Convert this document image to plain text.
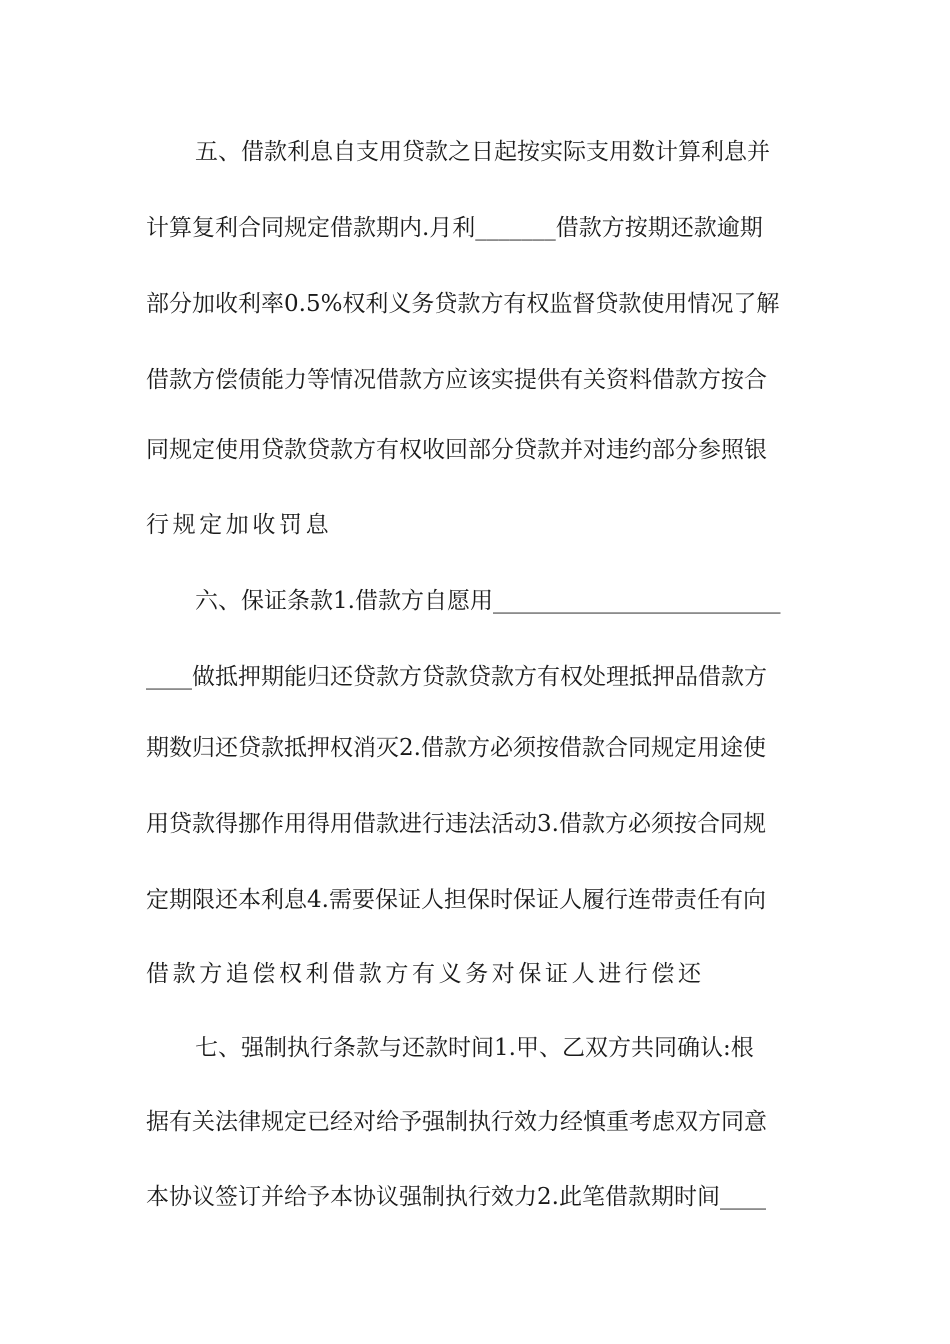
五、借款利息自支用贷款之日起按实际支用数计算利息并
计算复利合同规定借款期内.月利_______借款方按期还款逾期
部分加收利率0.5%权利义务贷款方有权监督贷款使用情况了解
借款方偿债能力等情况借款方应该实提供有关资料借款方按合
同规定使用贷款贷款方有权收回部分贷款并对违约部分参照银
行规定加收罚息
六、保证条款1.借款方自愿用_________________________
____做抵押期能归还贷款方贷款贷款方有权处理抵押品借款方
期数归还贷款抵押权消灭2.借款方必须按借款合同规定用途使
用贷款得挪作用得用借款进行违法活动3.借款方必须按合同规
定期限还本利息4.需要保证人担保时保证人履行连带责任有向
借款方追偿权利借款方有义务对保证人进行偿还
七、强制执行条款与还款时间1.甲、乙双方共同确认:根
据有关法律规定已经对给予强制执行效力经慎重考虑双方同意
本协议签订并给予本协议强制执行效力2.此笔借款期时间____
